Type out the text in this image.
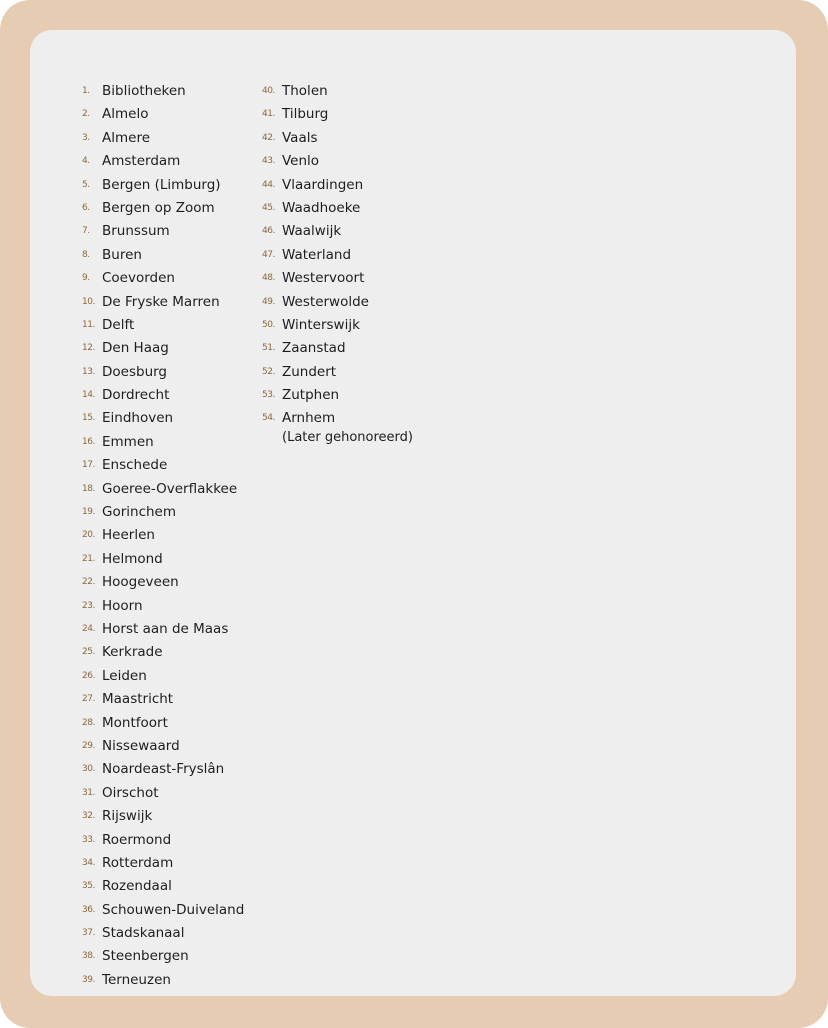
1. $^{Bibliotheken}$
2. $^{Almelo}$
3. $^{Almere}$
4. $^{Amsterdam}$
5. $^{Bergen (Limburg)}$
6. $^{Bergen op Zoom}$
7. $^{Brunssum}$
8. $^{Buren}$
9. $^{Coevorden}$
10. $^{De Fryske Marren}$
11. $^{Delft}$
12. $^{Den Haag}$
13. $^{Doesburg}$
14. $^{Dordrecht}$
15. $^{Eindhoven}$
16. $^{Emmen}$
17. $^{Enschede}$
18. $^{Goeree-Overflakkee}$
19. $^{Gorinchem}$
20. $^{Heerlen}$
21. $^{Helmond}$
22. $^{Hoogeveen}$
23. $^{Hoorn}$
24. $^{Horst aan de Maas}$
25. $^{Kerkrade}$
26. $^{Leiden}$
27. $^{Maastricht}$
28. $^{Montfoort}$
29. $^{Nissewaard}$
30. $^{Noardeast-Fryslân}$
31. $^{Oirschot}$
32. $^{Rijswijk}$
33. $^{Roermond}$
34. $^{Rotterdam}$
35. $^{Rozendaal}$
36. $^{Schouwen-Duiveland}$
37. $^{Stadskanaal}$
38. $^{Steenbergen}$
39. $^{Terneuzen}$
40. $^{Tholen}$
41. $^{Tilburg}$
42. $^{Vaals}$
43. $^{Venlo}$
44. $^{Vlaardingen}$
45. $^{Waadhoeke}$
46. $^{Waalwijk}$
47. $^{Waterland}$
48. $^{Westervoort}$
49. $^{Westerwolde}$
50. $^{Winterswijk}$
51. $^{Zaanstad}$
52. $^{Zundert}$
53. $^{Zutphen}$
54. $^{Arnhem}$
(Later gehonoreerd)
